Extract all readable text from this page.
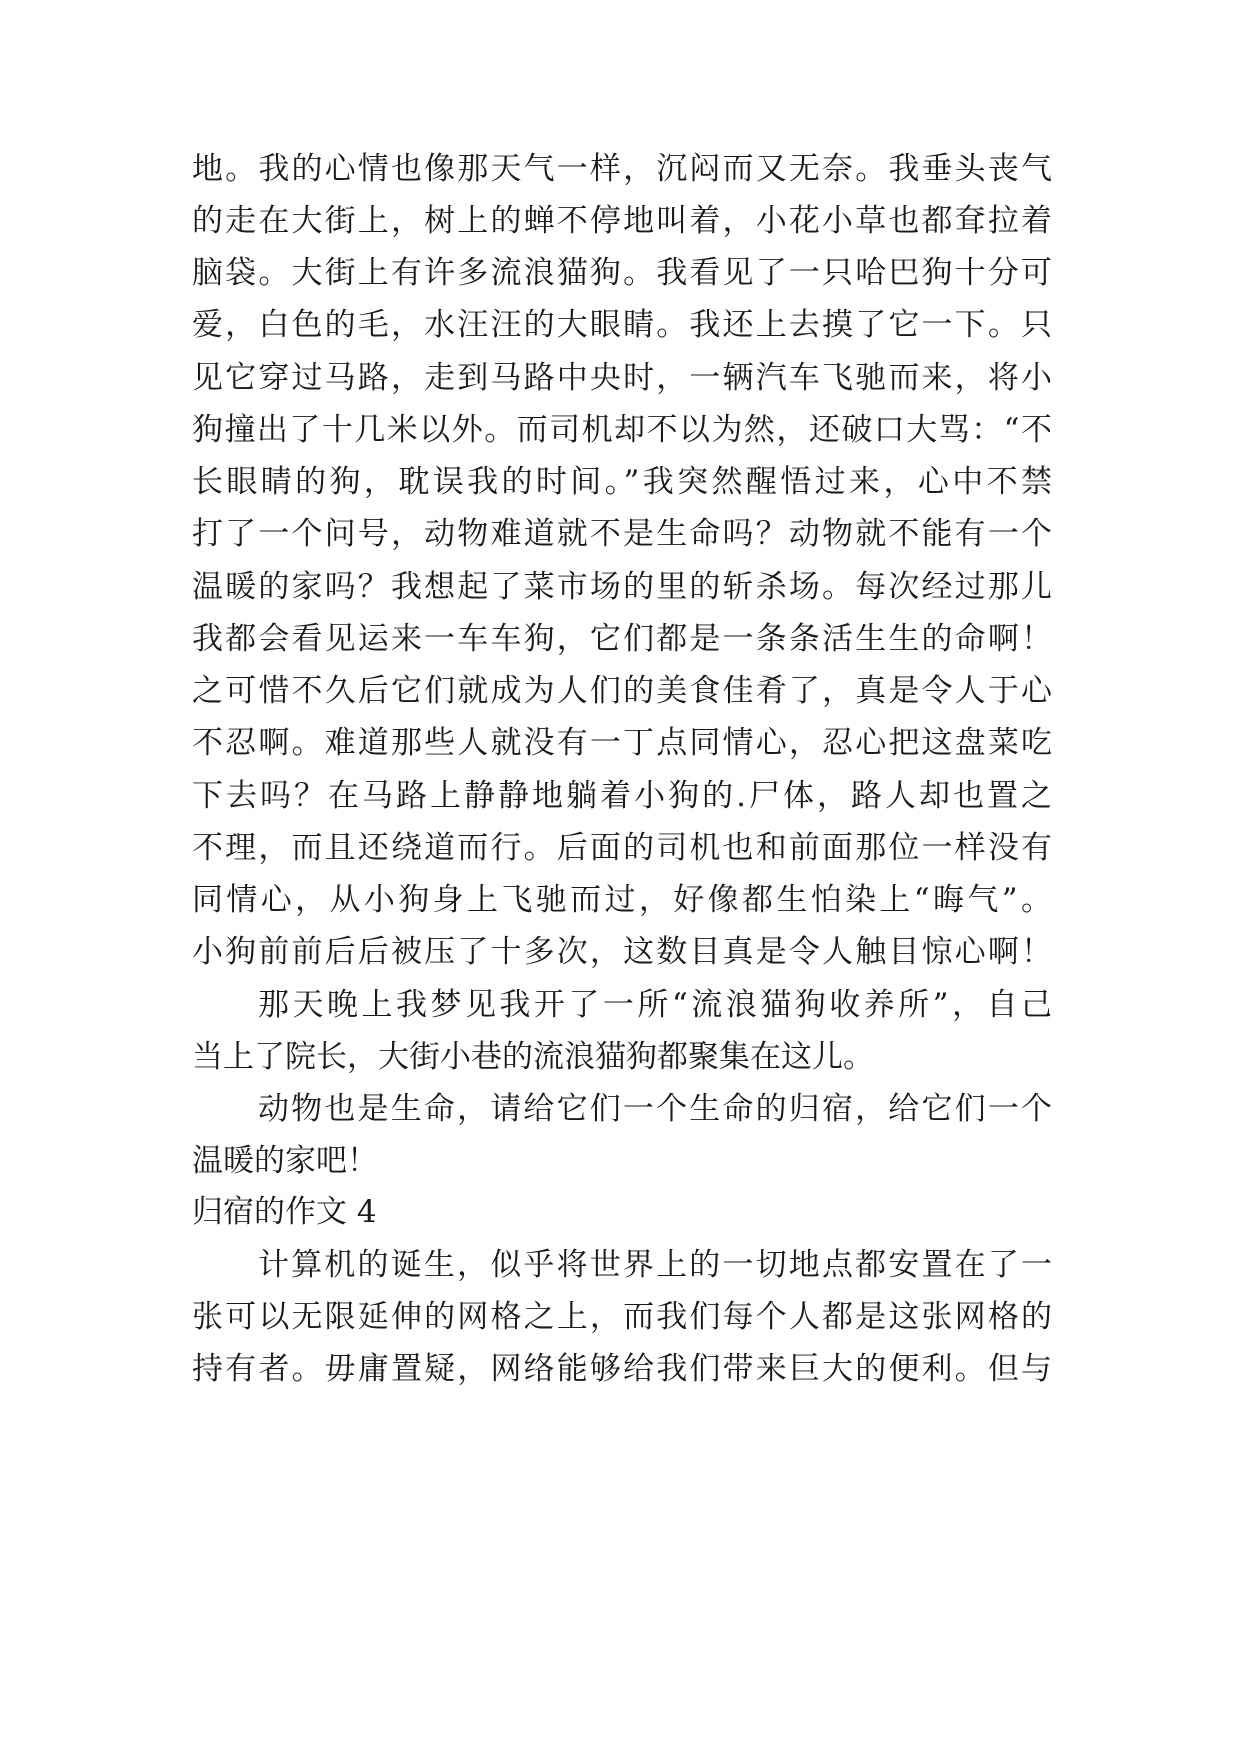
地。我的心情也像那天气一样，沉闷而又无奈。我垂头丧气
的走在大街上，树上的蝉不停地叫着，小花小草也都耷拉着
脑袋。大街上有许多流浪猫狗。我看见了一只哈巴狗十分可
爱，白色的毛，水汪汪的大眼睛。我还上去摸了它一下。只
见它穿过马路，走到马路中央时，一辆汽车飞驰而来，将小
狗撞出了十几米以外。而司机却不以为然，还破口大骂：“不
长眼睛的狗，耽误我的时间。”我突然醒悟过来，心中不禁
打了一个问号，动物难道就不是生命吗？动物就不能有一个
温暖的家吗？我想起了菜市场的里的斩杀场。每次经过那儿
我都会看见运来一车车狗，它们都是一条条活生生的命啊！
之可惜不久后它们就成为人们的美食佳肴了，真是令人于心
不忍啊。难道那些人就没有一丁点同情心，忍心把这盘菜吃
下去吗？在马路上静静地躺着小狗的.尸体，路人却也置之
不理，而且还绕道而行。后面的司机也和前面那位一样没有
同情心，从小狗身上飞驰而过，好像都生怕染上“晦气”。
小狗前前后后被压了十多次，这数目真是令人触目惊心啊！
那天晚上我梦见我开了一所“流浪猫狗收养所”，自己
当上了院长，大街小巷的流浪猫狗都聚集在这儿。
动物也是生命，请给它们一个生命的归宿，给它们一个
温暖的家吧！
归宿的作文 4
计算机的诞生，似乎将世界上的一切地点都安置在了一
张可以无限延伸的网格之上，而我们每个人都是这张网格的
持有者。毋庸置疑，网络能够给我们带来巨大的便利。但与
